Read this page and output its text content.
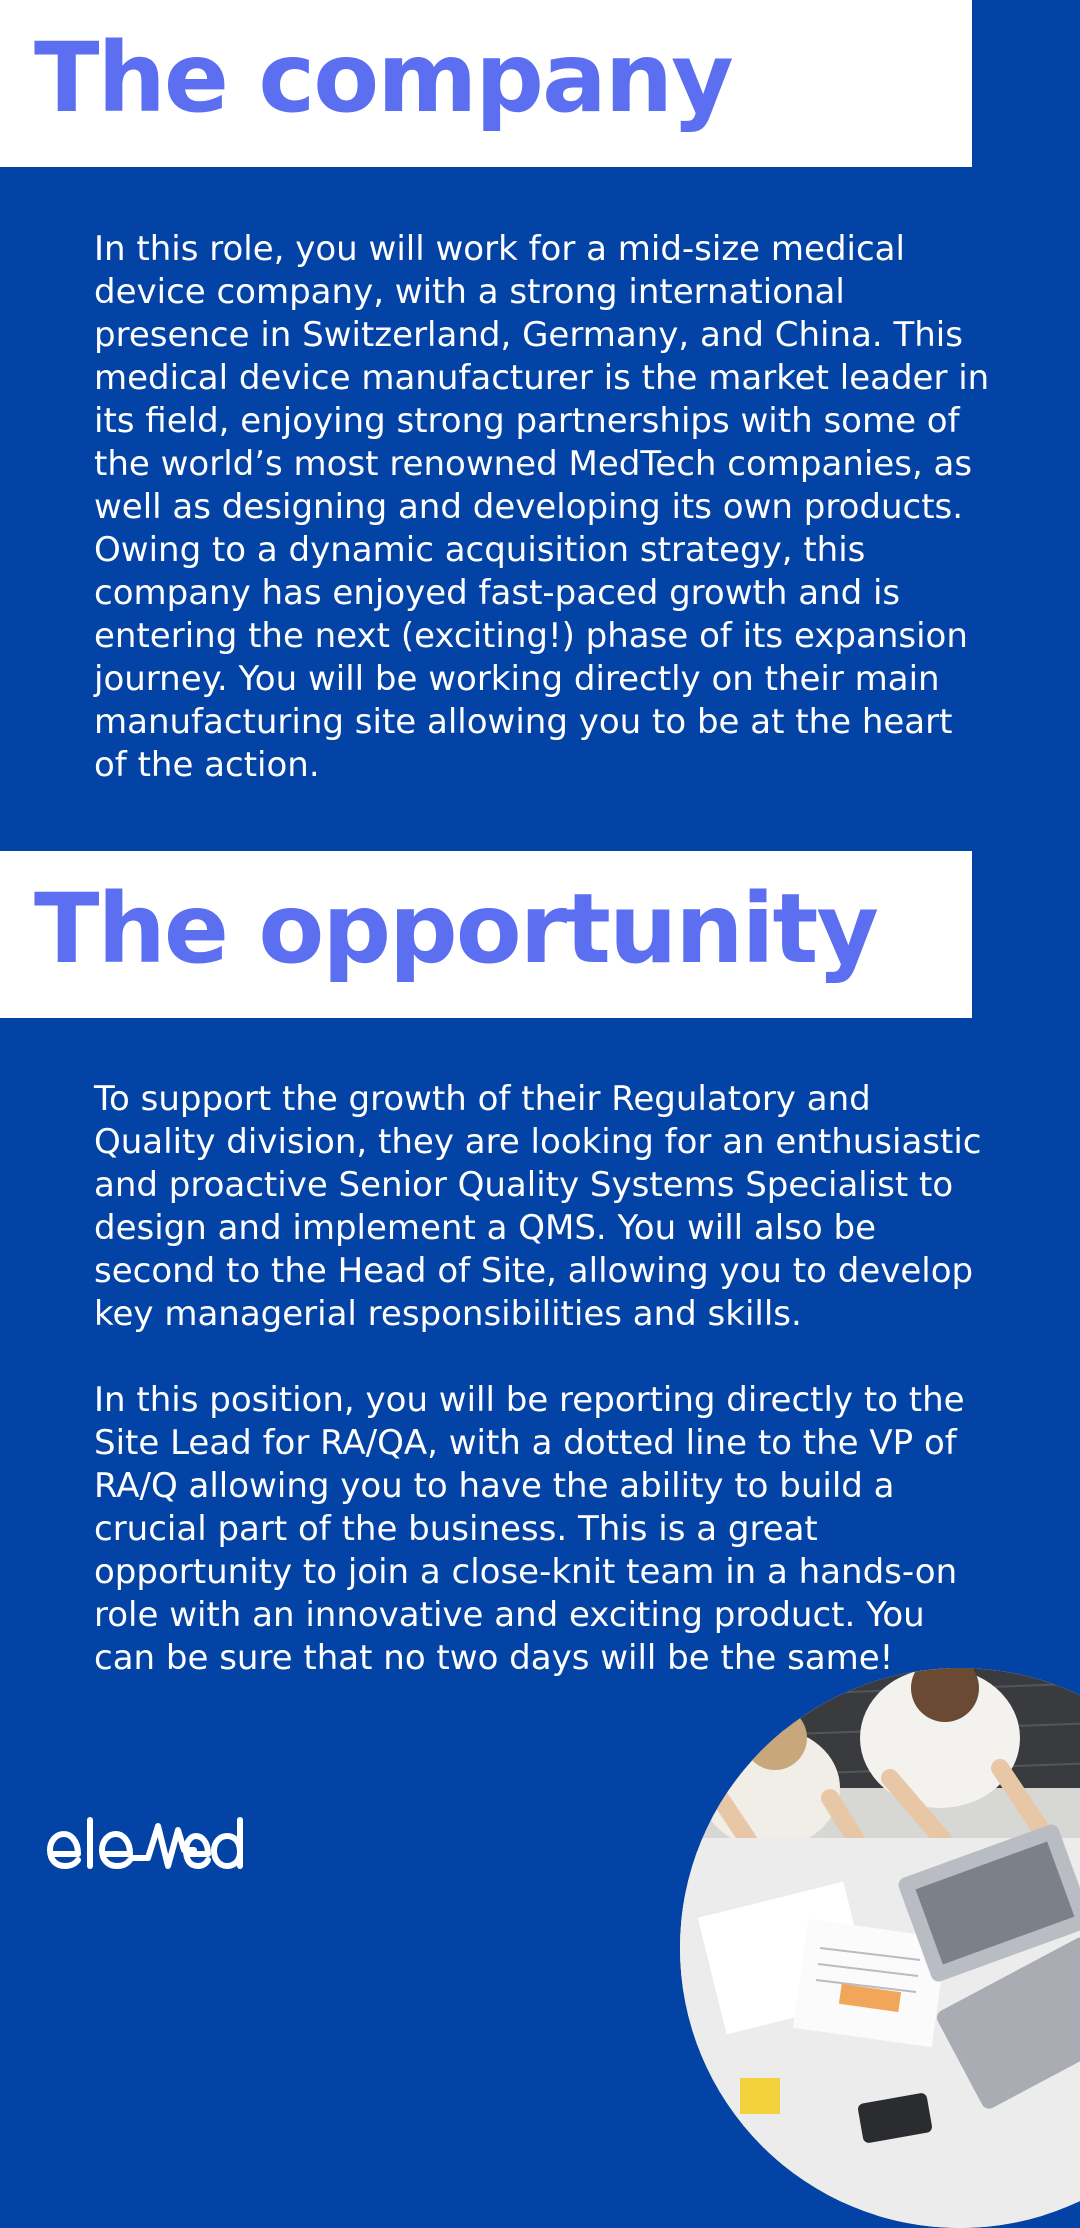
The company

In this role, you will work for a mid-size medical device company, with a strong international presence in Switzerland, Germany, and China. This medical device manufacturer is the market leader in its field, enjoying strong partnerships with some of the world’s most renowned MedTech companies, as well as designing and developing its own products. Owing to a dynamic acquisition strategy, this company has enjoyed fast-paced growth and is entering the next (exciting!) phase of its expansion journey. You will be working directly on their main manufacturing site allowing you to be at the heart of the action.

The opportunity

To support the growth of their Regulatory and Quality division, they are looking for an enthusiastic and proactive Senior Quality Systems Specialist to design and implement a QMS. You will also be second to the Head of Site, allowing you to develop key managerial responsibilities and skills.

In this position, you will be reporting directly to the Site Lead for RA/QA, with a dotted line to the VP of RA/Q allowing you to have the ability to build a crucial part of the business. This is a great opportunity to join a close-knit team in a hands-on role with an innovative and exciting product. You can be sure that no two days will be the same!
